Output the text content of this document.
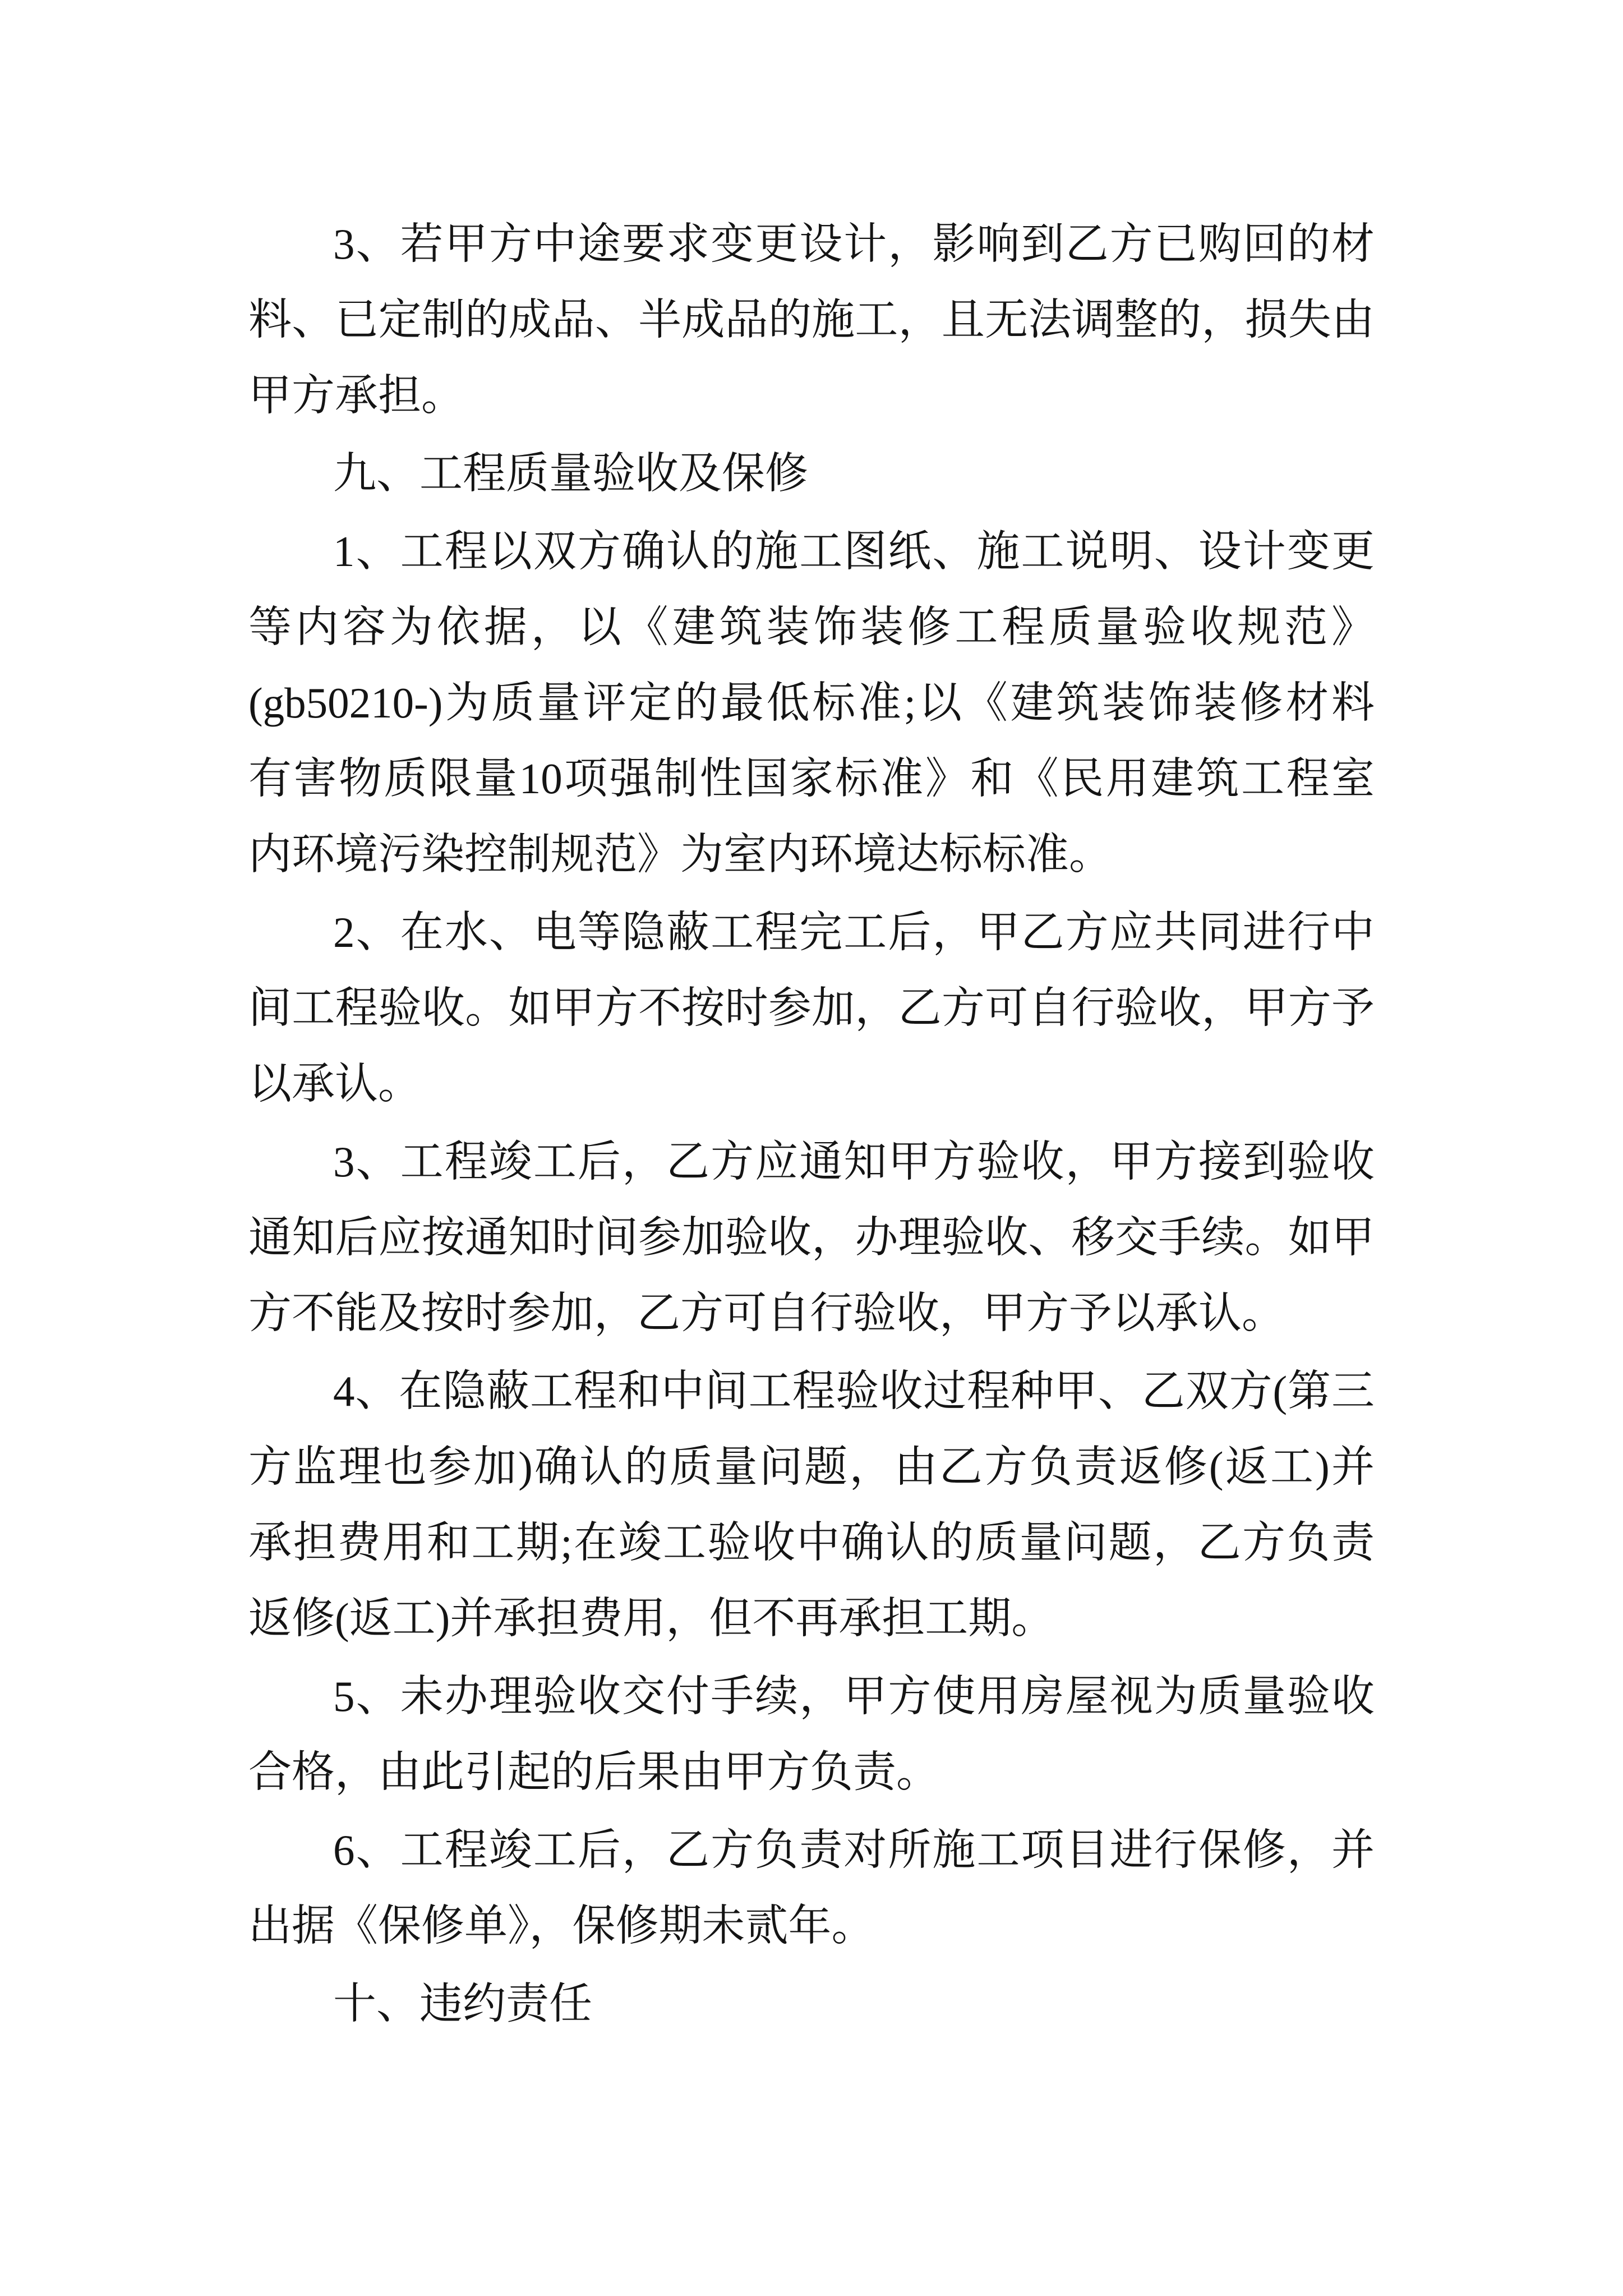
3、若甲方中途要求变更设计，影响到乙方已购回的材
料、已定制的成品、半成品的施工，且无法调整的，损失由
甲方承担。
九、工程质量验收及保修
1、工程以双方确认的施工图纸、施工说明、设计变更
等内容为依据，以《建筑装饰装修工程质量验收规范》
(gb50210-)为质量评定的最低标准;以《建筑装饰装修材料
有害物质限量10项强制性国家标准》和《民用建筑工程室
内环境污染控制规范》为室内环境达标标准。
2、在水、电等隐蔽工程完工后，甲乙方应共同进行中
间工程验收。如甲方不按时参加，乙方可自行验收，甲方予
以承认。
3、工程竣工后，乙方应通知甲方验收，甲方接到验收
通知后应按通知时间参加验收，办理验收、移交手续。如甲
方不能及按时参加，乙方可自行验收，甲方予以承认。
4、在隐蔽工程和中间工程验收过程种甲、乙双方(第三
方监理也参加)确认的质量问题，由乙方负责返修(返工)并
承担费用和工期;在竣工验收中确认的质量问题，乙方负责
返修(返工)并承担费用，但不再承担工期。
5、未办理验收交付手续，甲方使用房屋视为质量验收
合格，由此引起的后果由甲方负责。
6、工程竣工后，乙方负责对所施工项目进行保修，并
出据《保修单》，保修期未贰年。
十、违约责任
